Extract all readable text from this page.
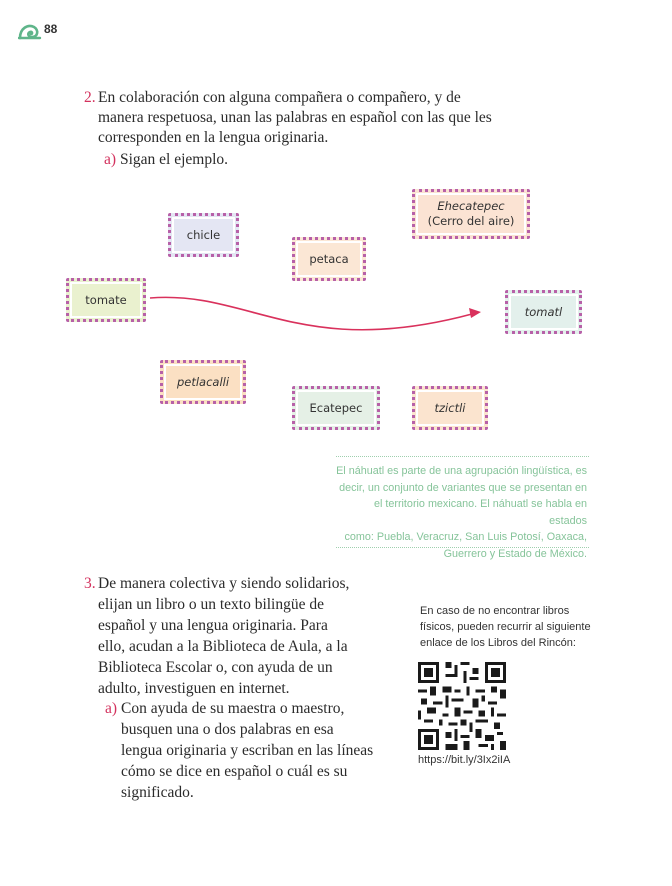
88
2. En colaboración con alguna compañera o compañero, y de
manera respetuosa, unan las palabras en español con las que les
corresponden en la lengua originaria.
a) Sigan el ejemplo.
chicle
petaca
Ehecatepec
(Cerro del aire)
tomate
tomatl
petlacalli
Ecatepec	tzictli
El náhuatl es parte de una agrupación lingüística, es
decir, un conjunto de variantes que se presentan en
el territorio mexicano. El náhuatl se habla en estados
como: Puebla, Veracruz, San Luis Potosí, Oaxaca,
Guerrero y Estado de México.
3. De manera colectiva y siendo solidarios,
elijan un libro o un texto bilingüe de
español y una lengua originaria. Para
ello, acudan a la Biblioteca de Aula, a la
Biblioteca Escolar o, con ayuda de un
adulto, investiguen en internet.
a) Con ayuda de su maestra o maestro,
busquen una o dos palabras en esa
lengua originaria y escriban en las líneas
cómo se dice en español o cuál es su
significado.
En caso de no encontrar libros
físicos, pueden recurrir al siguiente
enlace de los Libros del Rincón:
https://bit.ly/3Ix2iIA
